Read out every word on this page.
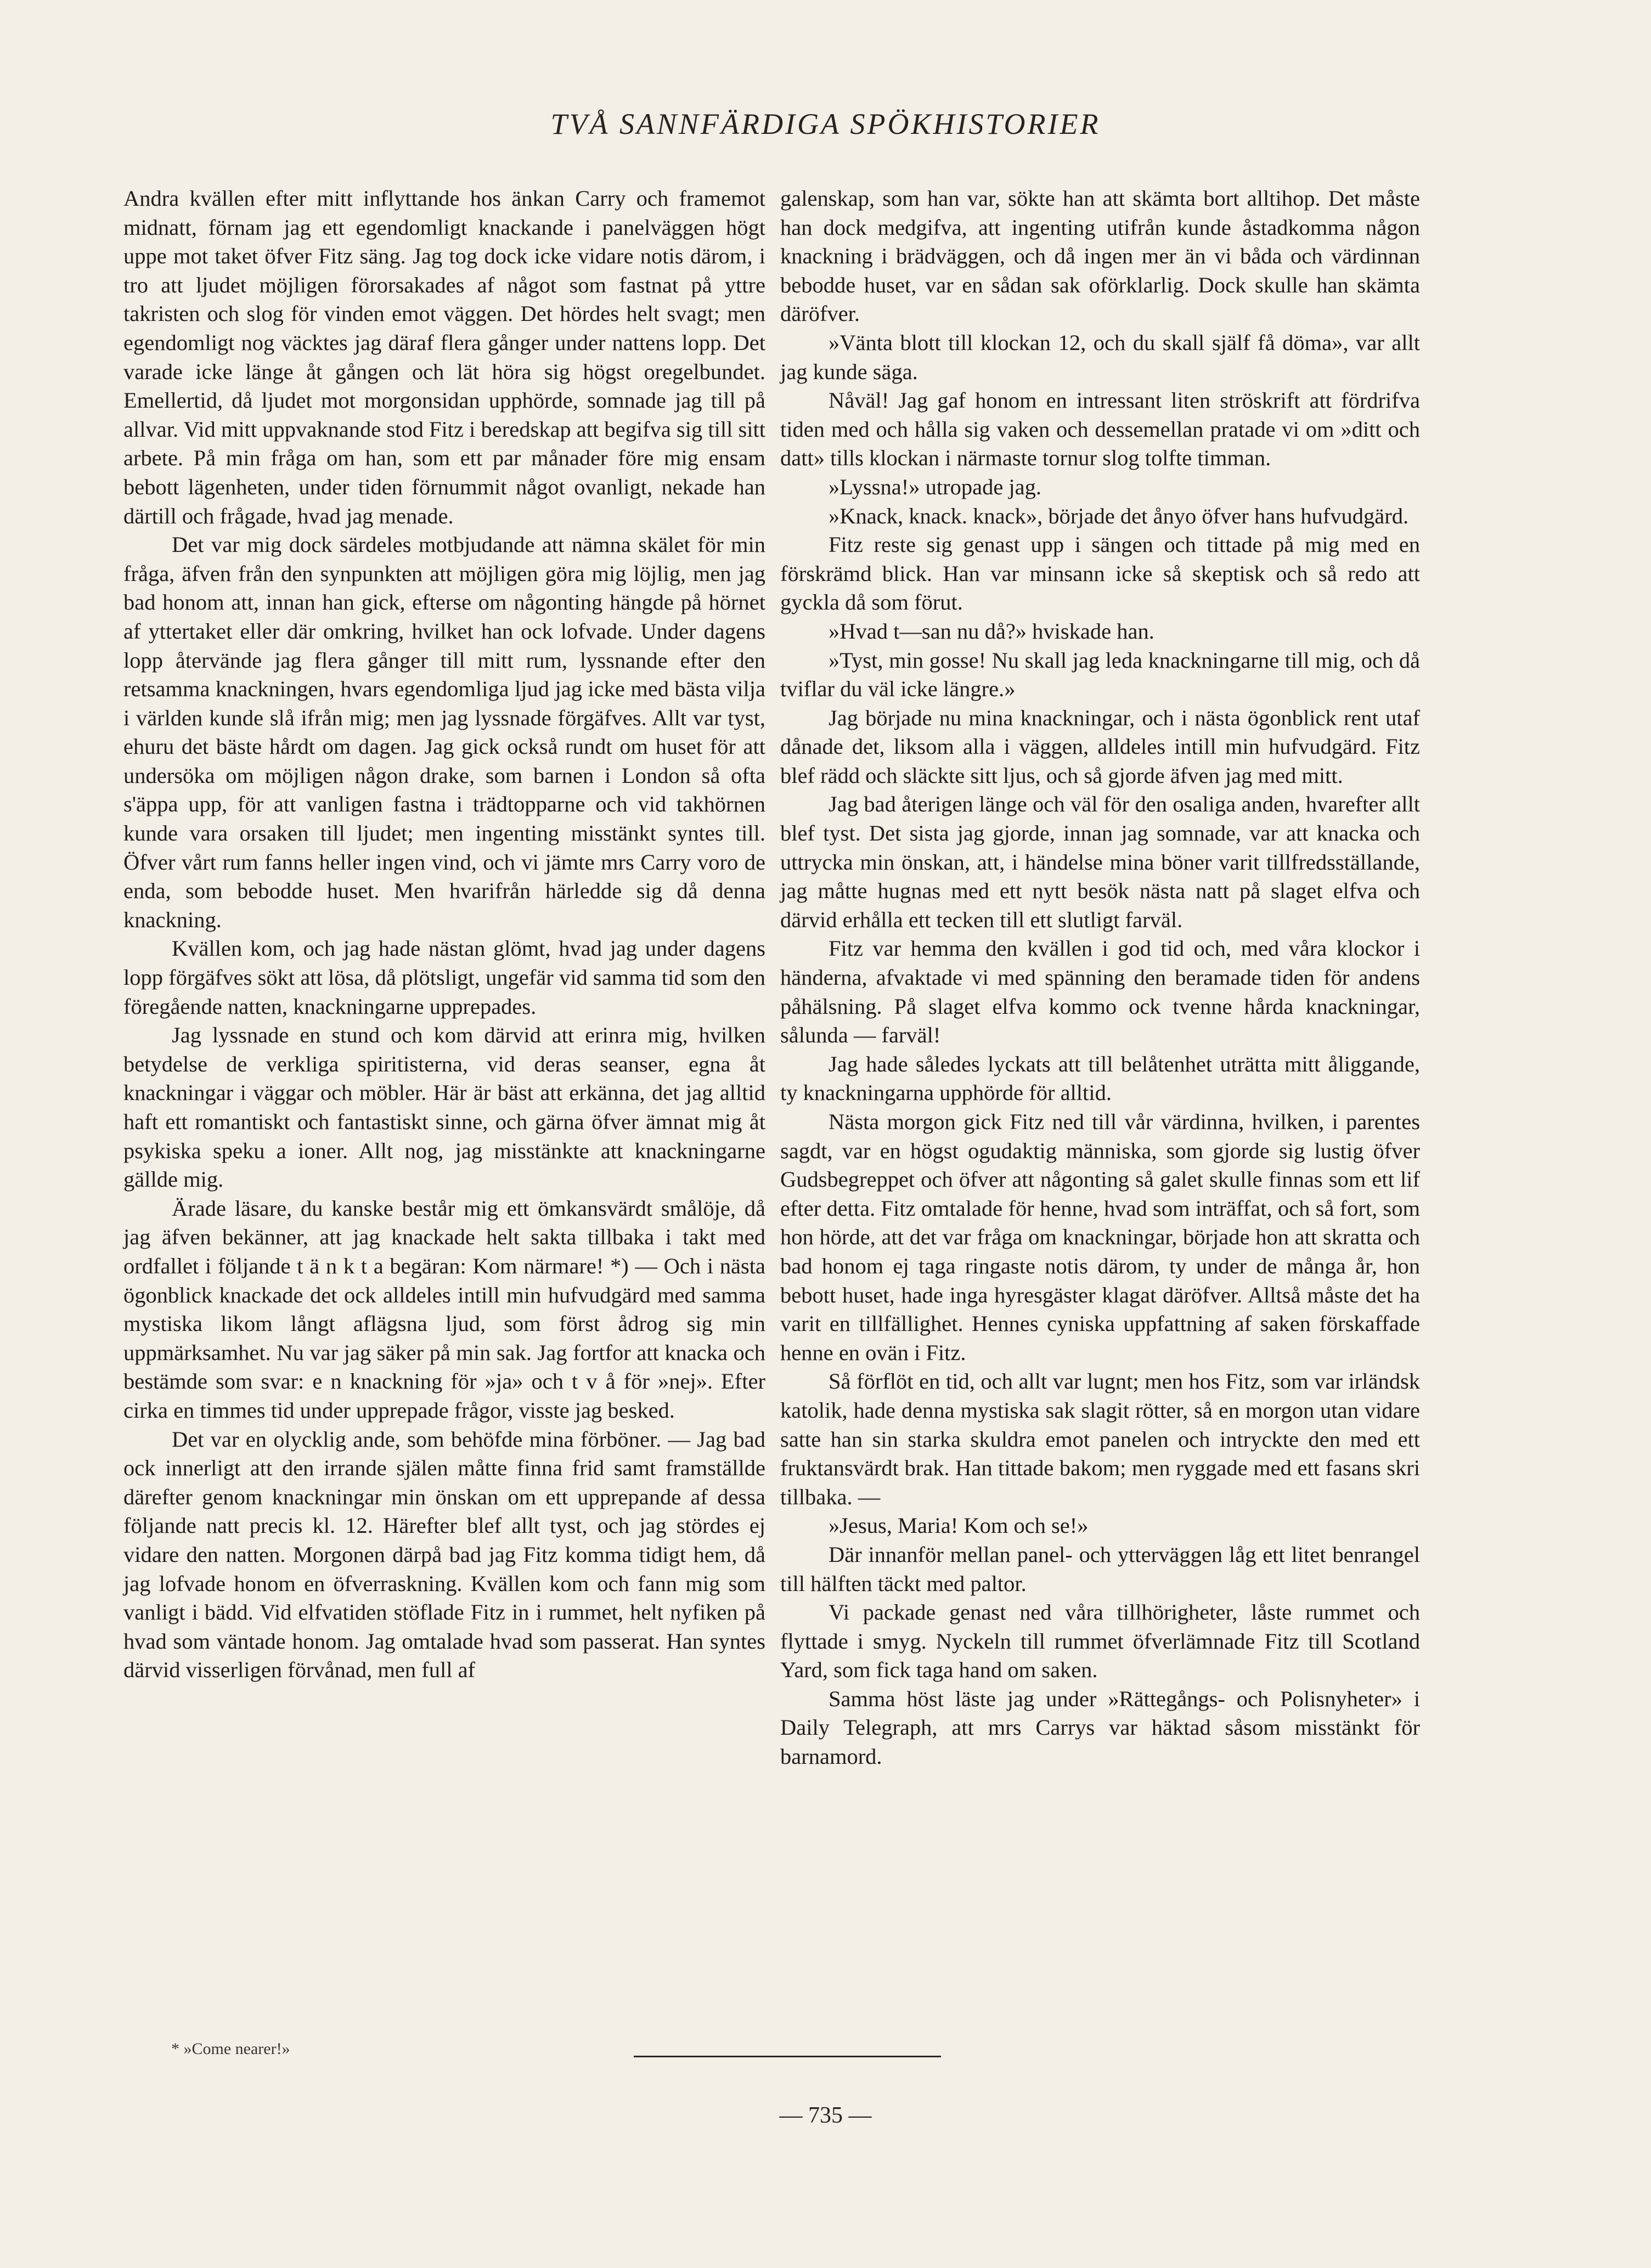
TVÅ SANNFÄRDIGA SPÖKHISTORIER

Andra kvällen efter mitt inflyttande hos änkan Carry och framemot midnatt, förnam jag ett egendomligt knackande i panelväggen högt uppe mot taket öfver Fitz säng. Jag tog dock icke vidare notis därom, i tro att ljudet möjligen förorsakades af något som fastnat på yttre takristen och slog för vinden emot väggen. Det hördes helt svagt; men egendomligt nog väcktes jag däraf flera gånger under nattens lopp. Det varade icke länge åt gången och lät höra sig högst oregelbundet. Emellertid, då ljudet mot morgonsidan upphörde, somnade jag till på allvar. Vid mitt uppvaknande stod Fitz i beredskap att begifva sig till sitt arbete. På min fråga om han, som ett par månader före mig ensam bebott lägenheten, under tiden förnummit något ovanligt, nekade han därtill och frågade, hvad jag menade.

Det var mig dock särdeles motbjudande att nämna skälet för min fråga, äfven från den synpunkten att möjligen göra mig löjlig, men jag bad honom att, innan han gick, efterse om någonting hängde på hörnet af yttertaket eller där omkring, hvilket han ock lofvade. Under dagens lopp återvände jag flera gånger till mitt rum, lyssnande efter den retsamma knackningen, hvars egendomliga ljud jag icke med bästa vilja i världen kunde slå ifrån mig; men jag lyssnade förgäfves. Allt var tyst, ehuru det bäste hårdt om dagen. Jag gick också rundt om huset för att undersöka om möjligen någon drake, som barnen i London så ofta s'äppa upp, för att vanligen fastna i trädtopparne och vid takhörnen kunde vara orsaken till ljudet; men ingenting misstänkt syntes till. Öfver vårt rum fanns heller ingen vind, och vi jämte mrs Carry voro de enda, som bebodde huset. Men hvarifrån härledde sig då denna knackning.

Kvällen kom, och jag hade nästan glömt, hvad jag under dagens lopp förgäfves sökt att lösa, då plötsligt, ungefär vid samma tid som den föregående natten, knackningarne upprepades.

Jag lyssnade en stund och kom därvid att erinra mig, hvilken betydelse de verkliga spiritisterna, vid deras seanser, egna åt knackningar i väggar och möbler. Här är bäst att erkänna, det jag alltid haft ett romantiskt och fantastiskt sinne, och gärna öfver ämnat mig åt psykiska speku a ioner. Allt nog, jag misstänkte att knackningarne gällde mig.

Ärade läsare, du kanske består mig ett ömkansvärdt smålöje, då jag äfven bekänner, att jag knackade helt sakta tillbaka i takt med ordfallet i följande t ä n k t a begäran: Kom närmare! *) — Och i nästa ögonblick knackade det ock alldeles intill min hufvudgärd med samma mystiska likom långt aflägsna ljud, som först ådrog sig min uppmärksamhet. Nu var jag säker på min sak. Jag fortfor att knacka och bestämde som svar: e n knackning för »ja» och t v å för »nej». Efter cirka en timmes tid under upprepade frågor, visste jag besked.

Det var en olycklig ande, som behöfde mina förböner. — Jag bad ock innerligt att den irrande själen måtte finna frid samt framställde därefter genom knackningar min önskan om ett upprepande af dessa följande natt precis kl. 12. Härefter blef allt tyst, och jag stördes ej vidare den natten. Morgonen därpå bad jag Fitz komma tidigt hem, då jag lofvade honom en öfverraskning. Kvällen kom och fann mig som vanligt i bädd. Vid elfvatiden stöflade Fitz in i rummet, helt nyfiken på hvad som väntade honom. Jag omtalade hvad som passerat. Han syntes därvid visserligen förvånad, men full af

galenskap, som han var, sökte han att skämta bort alltihop. Det måste han dock medgifva, att ingenting utifrån kunde åstadkomma någon knackning i brädväggen, och då ingen mer än vi båda och värdinnan bebodde huset, var en sådan sak oförklarlig. Dock skulle han skämta däröfver.

»Vänta blott till klockan 12, och du skall själf få döma», var allt jag kunde säga.

Nåväl! Jag gaf honom en intressant liten ströskrift att fördrifva tiden med och hålla sig vaken och dessemellan pratade vi om »ditt och datt» tills klockan i närmaste tornur slog tolfte timman.

»Lyssna!» utropade jag.

»Knack, knack. knack», började det ånyo öfver hans hufvudgärd.

Fitz reste sig genast upp i sängen och tittade på mig med en förskrämd blick. Han var minsann icke så skeptisk och så redo att gyckla då som förut.

»Hvad t—san nu då?» hviskade han.

»Tyst, min gosse! Nu skall jag leda knackningarne till mig, och då tviflar du väl icke längre.»

Jag började nu mina knackningar, och i nästa ögonblick rent utaf dånade det, liksom alla i väggen, alldeles intill min hufvudgärd. Fitz blef rädd och släckte sitt ljus, och så gjorde äfven jag med mitt.

Jag bad återigen länge och väl för den osaliga anden, hvarefter allt blef tyst. Det sista jag gjorde, innan jag somnade, var att knacka och uttrycka min önskan, att, i händelse mina böner varit tillfredsställande, jag måtte hugnas med ett nytt besök nästa natt på slaget elfva och därvid erhålla ett tecken till ett slutligt farväl.

Fitz var hemma den kvällen i god tid och, med våra klockor i händerna, afvaktade vi med spänning den beramade tiden för andens påhälsning. På slaget elfva kommo ock tvenne hårda knackningar, sålunda — farväl!

Jag hade således lyckats att till belåtenhet uträtta mitt åliggande, ty knackningarna upphörde för alltid.

Nästa morgon gick Fitz ned till vår värdinna, hvilken, i parentes sagdt, var en högst ogudaktig människa, som gjorde sig lustig öfver Gudsbegreppet och öfver att någonting så galet skulle finnas som ett lif efter detta. Fitz omtalade för henne, hvad som inträffat, och så fort, som hon hörde, att det var fråga om knackningar, började hon att skratta och bad honom ej taga ringaste notis därom, ty under de många år, hon bebott huset, hade inga hyresgäster klagat däröfver. Alltså måste det ha varit en tillfällighet. Hennes cyniska uppfattning af saken förskaffade henne en ovän i Fitz.

Så förflöt en tid, och allt var lugnt; men hos Fitz, som var irländsk katolik, hade denna mystiska sak slagit rötter, så en morgon utan vidare satte han sin starka skuldra emot panelen och intryckte den med ett fruktansvärdt brak. Han tittade bakom; men ryggade med ett fasans skri tillbaka. —

»Jesus, Maria! Kom och se!»

Där innanför mellan panel- och ytterväggen låg ett litet benrangel till hälften täckt med paltor.

Vi packade genast ned våra tillhörigheter, låste rummet och flyttade i smyg. Nyckeln till rummet öfverlämnade Fitz till Scotland Yard, som fick taga hand om saken.

Samma höst läste jag under »Rättegångs- och Polisnyheter» i Daily Telegraph, att mrs Carrys var häktad såsom misstänkt för barnamord.

* »Come nearer!»
— 735 —
